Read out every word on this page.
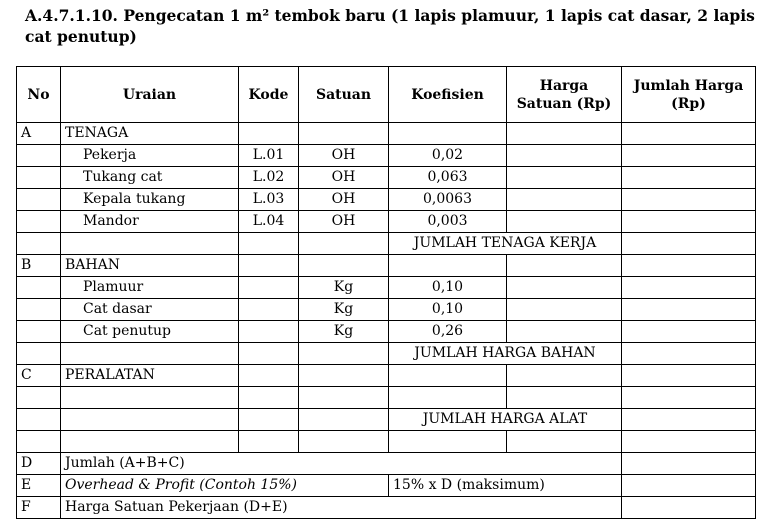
A.4.7.1.10. Pengecatan 1 m² tembok baru (1 lapis plamuur, 1 lapis cat dasar, 2 lapis cat penutup)

No	Uraian	Kode	Satuan	Koefisien	Harga Satuan (Rp)	Jumlah Harga (Rp)
A	TENAGA					
	Pekerja	L.01	OH	0,02		
	Tukang cat	L.02	OH	0,063		
	Kepala tukang	L.03	OH	0,0063		
	Mandor	L.04	OH	0,003		
				JUMLAH TENAGA KERJA		
B	BAHAN					
	Plamuur		Kg	0,10		
	Cat dasar		Kg	0,10		
	Cat penutup		Kg	0,26		
				JUMLAH HARGA BAHAN		
C	PERALATAN					

				JUMLAH HARGA ALAT		

D	Jumlah (A+B+C)					
E	Overhead & Profit (Contoh 15%)			15% x D (maksimum)		
F	Harga Satuan Pekerjaan (D+E)					
